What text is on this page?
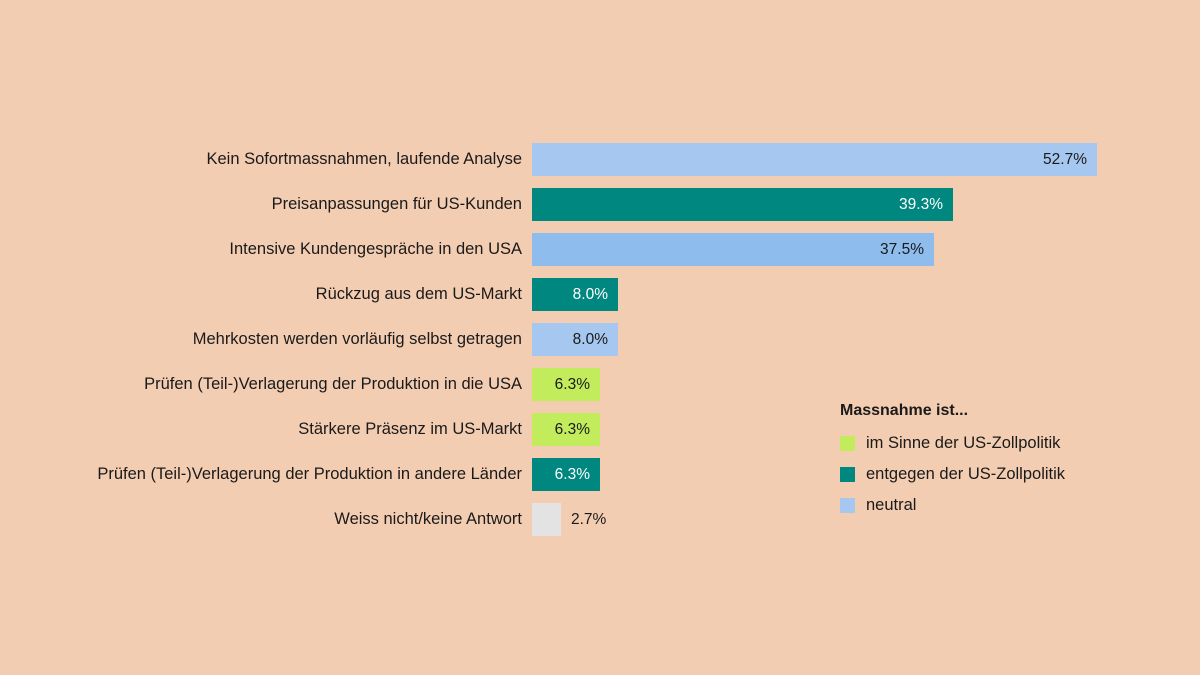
Kein Sofortmassnahmen, laufende Analyse	52.7%
Preisanpassungen für US-Kunden	39.3%
Intensive Kundengespräche in den USA	37.5%
Rückzug aus dem US-Markt	8.0%
Mehrkosten werden vorläufig selbst getragen	8.0%
Prüfen (Teil-)Verlagerung der Produktion in die USA 6.3%
Stärkere Präsenz im US-Markt 6.3%
Prüfen (Teil-)Verlagerung der Produktion in andere Länder 6.3%
Weiss nicht/keine Antwort	2.7%
Massnahme ist...
im Sinne der US-Zollpolitik
entgegen der US-Zollpolitik
neutral
